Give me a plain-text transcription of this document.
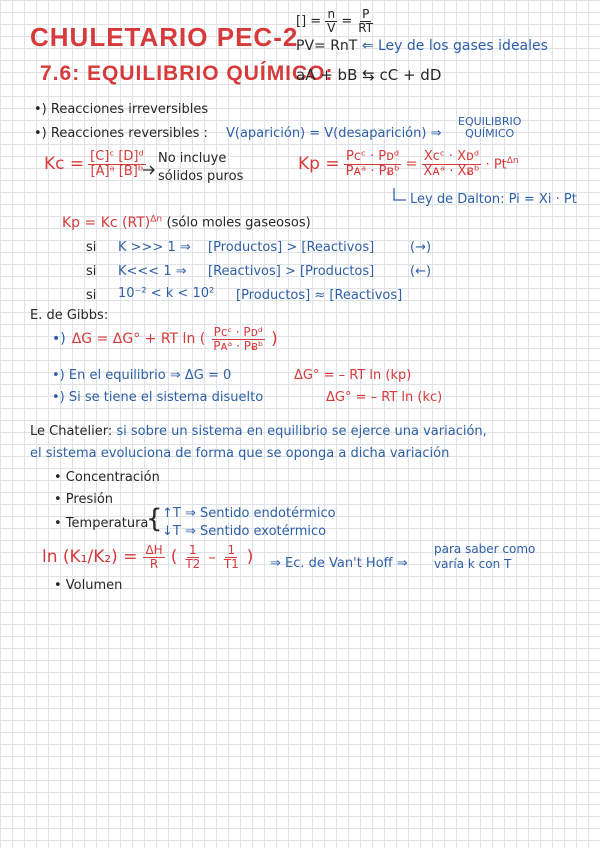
CHULETARIO PEC-2
7.6: EQUILIBRIO QUÍMICO:
aA + bB ⇆ cC + dD
[] = $\frac{n}{V} = \frac{P}{RT}$
PV= RnT ⇐ Ley de los gases ideales
•) Reacciones irreversibles
•) Reacciones reversibles : V(aparición) = V(desaparición) ⇒
EQUILIBRIO
QUÍMICO
$Kc = \frac{\text{[C]ᶜ [D]ᵈ}}{\text{[A]ᵃ [B]ᵇ}}$ No incluye
sólidos puros
$Kp = \frac{\text{Pᴄᶜ · Pᴅᵈ}}{\text{Pᴀᵃ · Pᴃᵇ}} = \frac{\text{Xᴄᶜ · Xᴅᵈ}}{\text{Xᴀᵃ · Xᴃᵇ}} \cdot Pt^{\Delta n}$
Ley de Dalton: Pi = Xi · Pt
Kp = Kc (RT)$^{\Delta n}$ (sólo moles gaseosos)
si K >>> 1 ⇒ [Productos] > [Reactivos]	(→)
si K<<< 1 ⇒ [Reactivos] > [Productos]	(←)
si 10⁻² < k < 10² [Productos] ≈ [Reactivos]
E. de Gibbs:
•) ΔG = ΔG° + RT ln ( $\frac{\text{Pᴄᶜ · Pᴅᵈ}}{\text{Pᴀᵃ · Pᴃᵇ}}$ )
•) En el equilibrio ⇒ ΔG = 0	ΔG° = – RT ln (kp)
•) Si se tiene el sistema disuelto	ΔG° = – RT ln (kc)
Le Chatelier: si sobre un sistema en equilibrio se ejerce una variación,
el sistema evoluciona de forma que se oponga a dicha variación
• Concentración
• Presión
• Temperatura
{ ↑T ⇒ Sentido endotérmico
↓T ⇒ Sentido exotérmico
$\ln (K_1/K_2) = \frac{\Delta H}{R}$ ( $\frac{1}{T2} - \frac{1}{T1}$ ) ⇒ Ec. de Van't Hoff ⇒
para saber como
varía k con T
• Volumen
